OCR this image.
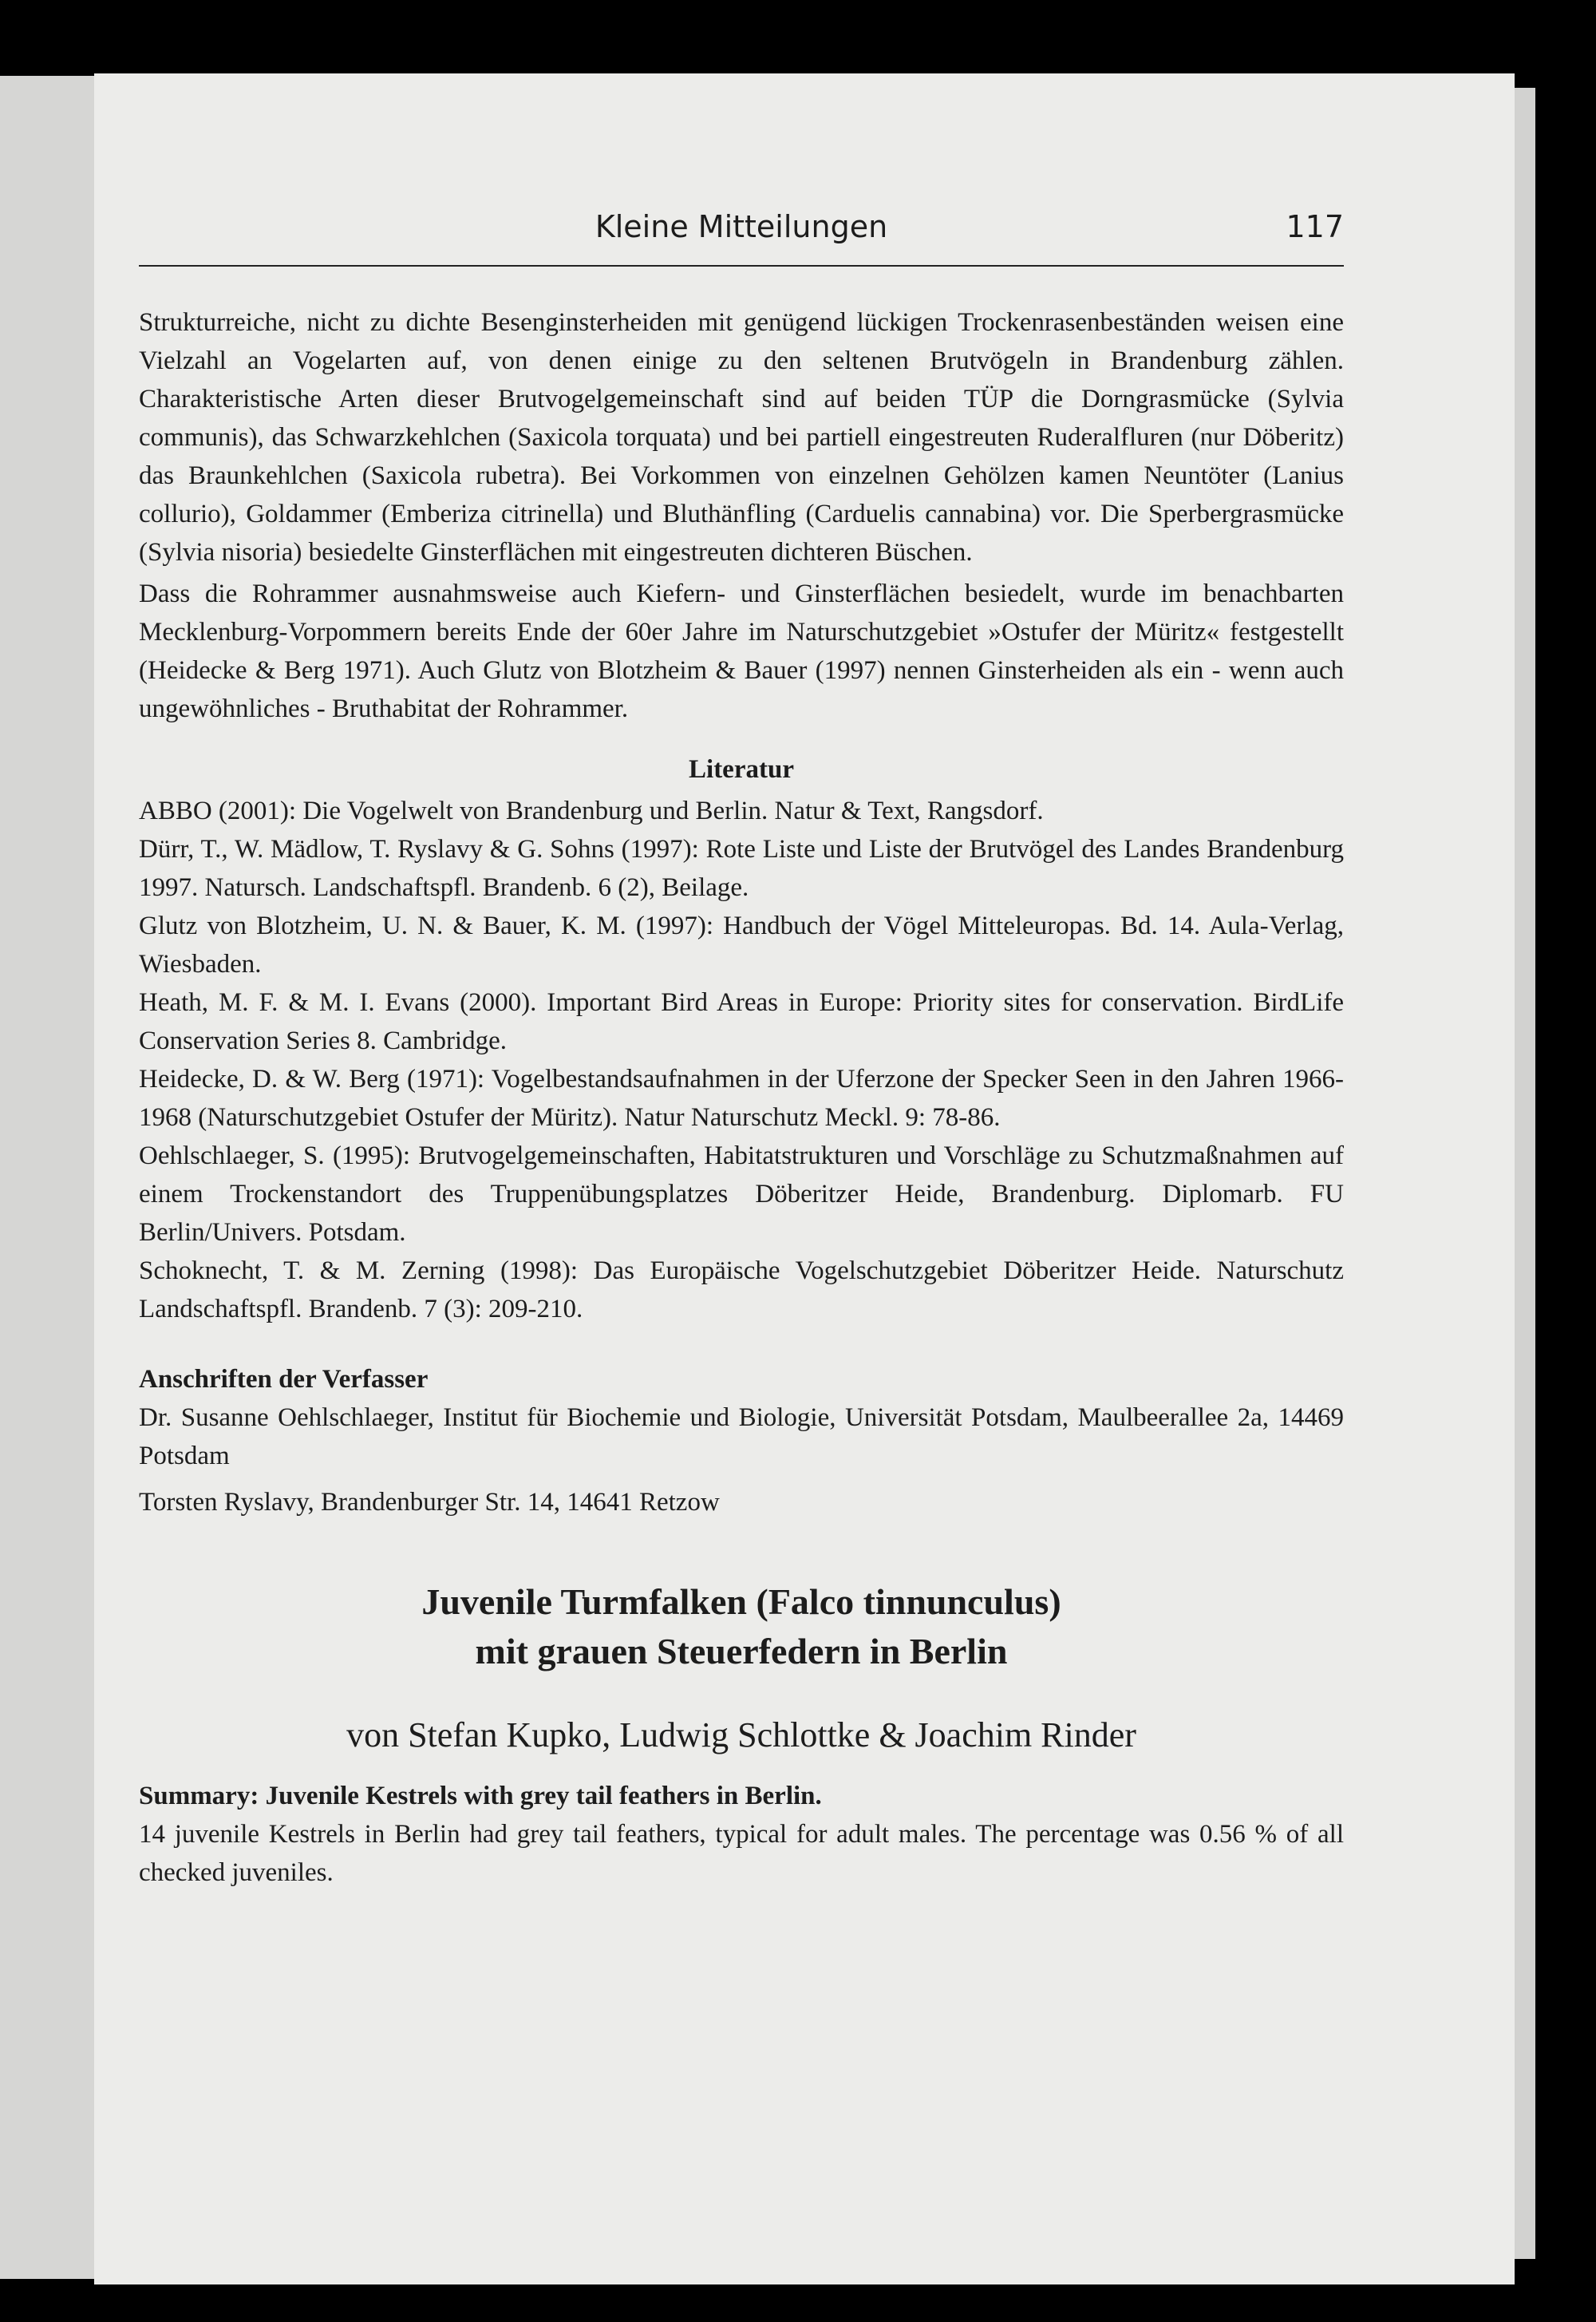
Kleine Mitteilungen	117

Strukturreiche, nicht zu dichte Besenginsterheiden mit genügend lückigen Trockenrasenbeständen weisen eine Vielzahl an Vogelarten auf, von denen einige zu den seltenen Brutvögeln in Brandenburg zählen. Charakteristische Arten dieser Brutvogelgemeinschaft sind auf beiden TÜP die Dorngrasmücke (Sylvia communis), das Schwarzkehlchen (Saxicola torquata) und bei partiell eingestreuten Ruderalfluren (nur Döberitz) das Braunkehlchen (Saxicola rubetra). Bei Vorkommen von einzelnen Gehölzen kamen Neuntöter (Lanius collurio), Goldammer (Emberiza citrinella) und Bluthänfling (Carduelis cannabina) vor. Die Sperbergrasmücke (Sylvia nisoria) besiedelte Ginsterflächen mit eingestreuten dichteren Büschen.

Dass die Rohrammer ausnahmsweise auch Kiefern- und Ginsterflächen besiedelt, wurde im benachbarten Mecklenburg-Vorpommern bereits Ende der 60er Jahre im Naturschutzgebiet »Ostufer der Müritz« festgestellt (Heidecke & Berg 1971). Auch Glutz von Blotzheim & Bauer (1997) nennen Ginsterheiden als ein - wenn auch ungewöhnliches - Bruthabitat der Rohrammer.

Literatur

ABBO (2001): Die Vogelwelt von Brandenburg und Berlin. Natur & Text, Rangsdorf.

Dürr, T., W. Mädlow, T. Ryslavy & G. Sohns (1997): Rote Liste und Liste der Brutvögel des Landes Brandenburg 1997. Natursch. Landschaftspfl. Brandenb. 6 (2), Beilage.

Glutz von Blotzheim, U. N. & Bauer, K. M. (1997): Handbuch der Vögel Mitteleuropas. Bd. 14. Aula-Verlag, Wiesbaden.

Heath, M. F. & M. I. Evans (2000). Important Bird Areas in Europe: Priority sites for conservation. BirdLife Conservation Series 8. Cambridge.

Heidecke, D. & W. Berg (1971): Vogelbestandsaufnahmen in der Uferzone der Specker Seen in den Jahren 1966-1968 (Naturschutzgebiet Ostufer der Müritz). Natur Naturschutz Meckl. 9: 78-86.

Oehlschlaeger, S. (1995): Brutvogelgemeinschaften, Habitatstrukturen und Vorschläge zu Schutzmaßnahmen auf einem Trockenstandort des Truppenübungsplatzes Döberitzer Heide, Brandenburg. Diplomarb. FU Berlin/Univers. Potsdam.

Schoknecht, T. & M. Zerning (1998): Das Europäische Vogelschutzgebiet Döberitzer Heide. Naturschutz Landschaftspfl. Brandenb. 7 (3): 209-210.

Anschriften der Verfasser

Dr. Susanne Oehlschlaeger, Institut für Biochemie und Biologie, Universität Potsdam, Maulbeerallee 2a, 14469 Potsdam

Torsten Ryslavy, Brandenburger Str. 14, 14641 Retzow

Juvenile Turmfalken (Falco tinnunculus)
mit grauen Steuerfedern in Berlin
von Stefan Kupko, Ludwig Schlottke & Joachim Rinder
Summary: Juvenile Kestrels with grey tail feathers in Berlin.

14 juvenile Kestrels in Berlin had grey tail feathers, typical for adult males. The percentage was 0.56 % of all checked juveniles.
